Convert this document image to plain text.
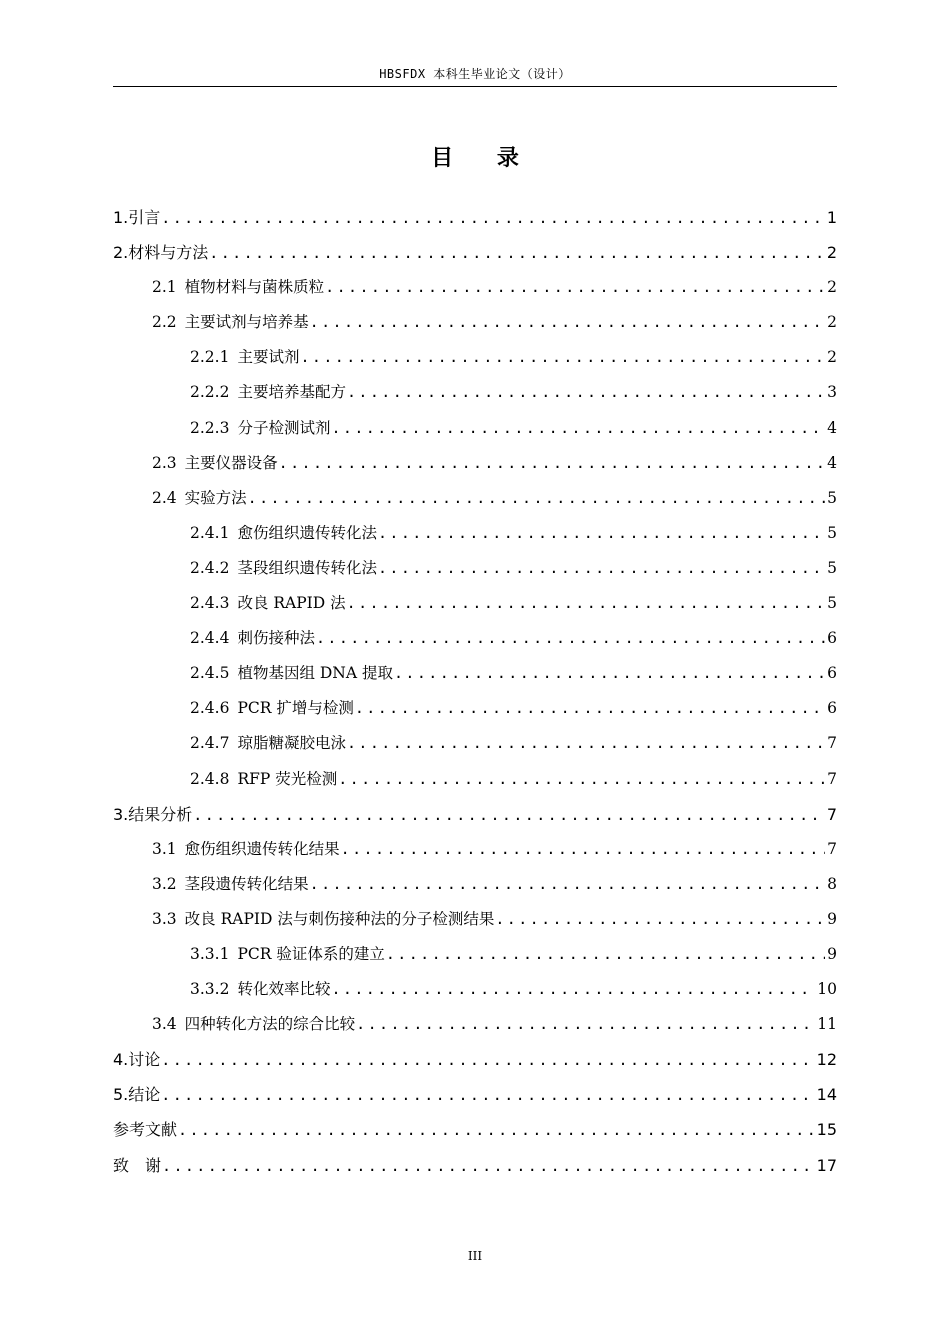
HBSFDX 本科生毕业论文（设计）
目 录
1. 引言 .....	1
2. 材料与方法 .....	2
2.1 植物材料与菌株质粒 .....	2
2.2 主要试剂与培养基 .....	2
2.2.1 主要试剂 .....	2
2.2.2 主要培养基配方 .....	3
2.2.3 分子检测试剂 .....	4
2.3 主要仪器设备 .....	4
2.4 实验方法 .....	5
2.4.1 愈伤组织遗传转化法 .....	5
2.4.2 茎段组织遗传转化法 .....	5
2.4.3 改良 RAPID 法 .....	5
2.4.4 刺伤接种法 .....	6
2.4.5 植物基因组 DNA 提取 .....	6
2.4.6 PCR 扩增与检测 .....	6
2.4.7 琼脂糖凝胶电泳 .....	7
2.4.8 RFP 荧光检测 .....	7
3. 结果分析 .....	7
3.1 愈伤组织遗传转化结果 .....	7
3.2 茎段遗传转化结果 .....	8
3.3 改良 RAPID 法与刺伤接种法的分子检测结果 .....	9
3.3.1 PCR 验证体系的建立 .....	9
3.3.2 转化效率比较 .....	10
3.4 四种转化方法的综合比较 .....	11
4. 讨论 .....	12
5. 结论 .....	14
参考文献 .....	15
致　谢 .....	17
III
